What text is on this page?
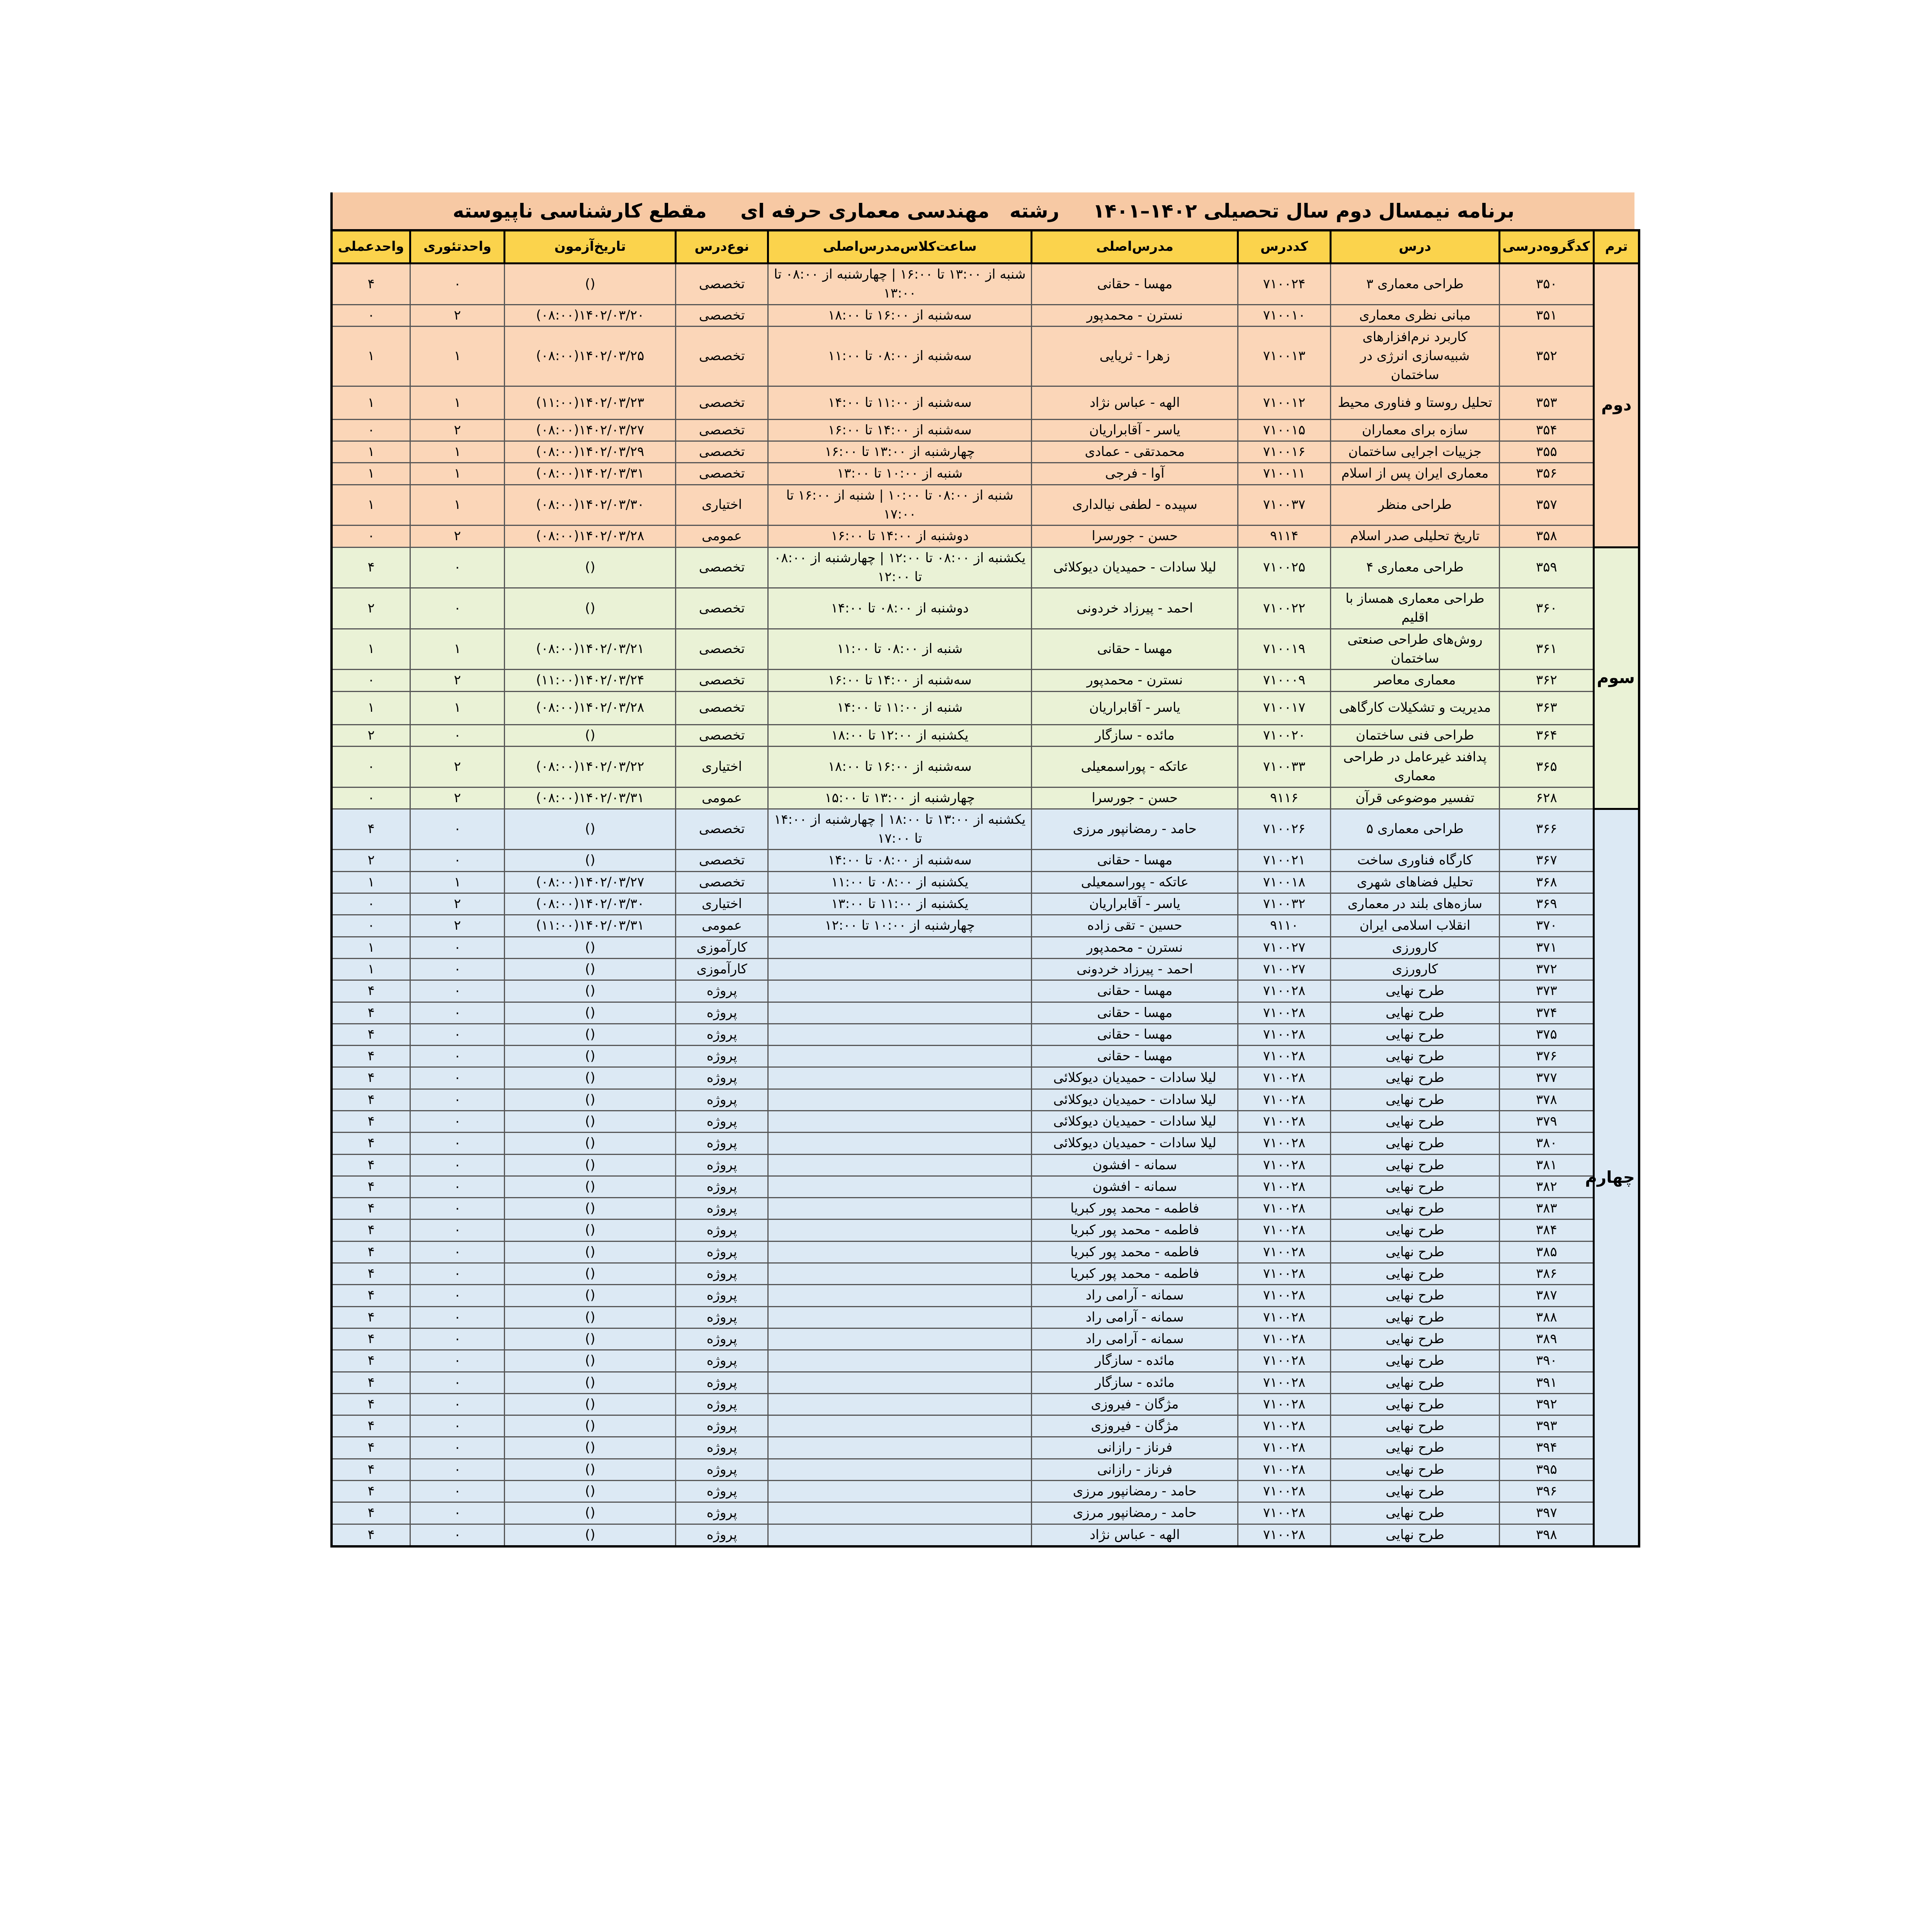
برنامه نیمسال دوم سال تحصیلی ۱۴۰۲–۱۴۰۱

رشته   مهندسی معماری حرفه ای

مقطع کارشناسی ناپیوسته
ترم	کدگروه‌درسی	درس	کددرس	مدرس‌اصلی	ساعت‌کلاس‌مدرس‌اصلی	نوع‌درس	تاریخ‌آزمون	واحدتئوری	واحدعملی
دوم	۳۵۰	طراحی معماری ۳	۷۱۰۰۲۴	مهسا - حقانی	شنبه از ۱۳:۰۰ تا ۱۶:۰۰ | چهارشنبه از ۰۸:۰۰ تا ۱۳:۰۰	تخصصی	()	۰	۴
	۳۵۱	مبانی نظری معماری	۷۱۰۰۱۰	نسترن - محمدپور	سه‌شنبه از ۱۶:۰۰ تا ۱۸:۰۰	تخصصی	۱۴۰۲/۰۳/۲۰(۰۸:۰۰)	۲	۰
	۳۵۲	کاربرد نرم‌افزارهای شبیه‌سازی انرژی در ساختمان	۷۱۰۰۱۳	زهرا - ثریایی	سه‌شنبه از ۰۸:۰۰ تا ۱۱:۰۰	تخصصی	۱۴۰۲/۰۳/۲۵(۰۸:۰۰)	۱	۱
	۳۵۳	تحلیل روستا و فناوری محیط	۷۱۰۰۱۲	الهه - عباس نژاد	سه‌شنبه از ۱۱:۰۰ تا ۱۴:۰۰	تخصصی	۱۴۰۲/۰۳/۲۳(۱۱:۰۰)	۱	۱
	۳۵۴	سازه برای معماران	۷۱۰۰۱۵	یاسر - آقابراریان	سه‌شنبه از ۱۴:۰۰ تا ۱۶:۰۰	تخصصی	۱۴۰۲/۰۳/۲۷(۰۸:۰۰)	۲	۰
	۳۵۵	جزییات اجرایی ساختمان	۷۱۰۰۱۶	محمدتقی - عمادی	چهارشنبه از ۱۳:۰۰ تا ۱۶:۰۰	تخصصی	۱۴۰۲/۰۳/۲۹(۰۸:۰۰)	۱	۱
	۳۵۶	معماری ایران پس از اسلام	۷۱۰۰۱۱	آوا - فرجی	شنبه از ۱۰:۰۰ تا ۱۳:۰۰	تخصصی	۱۴۰۲/۰۳/۳۱(۰۸:۰۰)	۱	۱
	۳۵۷	طراحی منظر	۷۱۰۰۳۷	سپیده - لطفی نیالداری	شنبه از ۰۸:۰۰ تا ۱۰:۰۰ | شنبه از ۱۶:۰۰ تا ۱۷:۰۰	اختیاری	۱۴۰۲/۰۳/۳۰(۰۸:۰۰)	۱	۱
	۳۵۸	تاریخ تحلیلی صدر اسلام	۹۱۱۴	حسن - جورسرا	دوشنبه از ۱۴:۰۰ تا ۱۶:۰۰	عمومی	۱۴۰۲/۰۳/۲۸(۰۸:۰۰)	۲	۰
سوم	۳۵۹	طراحی معماری ۴	۷۱۰۰۲۵	لیلا سادات - حمیدیان دیوکلائی	یکشنبه از ۰۸:۰۰ تا ۱۲:۰۰ | چهارشنبه از ۰۸:۰۰ تا ۱۲:۰۰	تخصصی	()	۰	۴
	۳۶۰	طراحی معماری همساز با اقلیم	۷۱۰۰۲۲	احمد - پیرزاد خردونی	دوشنبه از ۰۸:۰۰ تا ۱۴:۰۰	تخصصی	()	۰	۲
	۳۶۱	روش‌های طراحی صنعتی ساختمان	۷۱۰۰۱۹	مهسا - حقانی	شنبه از ۰۸:۰۰ تا ۱۱:۰۰	تخصصی	۱۴۰۲/۰۳/۲۱(۰۸:۰۰)	۱	۱
	۳۶۲	معماری معاصر	۷۱۰۰۰۹	نسترن - محمدپور	سه‌شنبه از ۱۴:۰۰ تا ۱۶:۰۰	تخصصی	۱۴۰۲/۰۳/۲۴(۱۱:۰۰)	۲	۰
	۳۶۳	مدیریت و تشکیلات کارگاهی	۷۱۰۰۱۷	یاسر - آقابراریان	شنبه از ۱۱:۰۰ تا ۱۴:۰۰	تخصصی	۱۴۰۲/۰۳/۲۸(۰۸:۰۰)	۱	۱
	۳۶۴	طراحی فنی ساختمان	۷۱۰۰۲۰	مائده - سازگار	یکشنبه از ۱۲:۰۰ تا ۱۸:۰۰	تخصصی	()	۰	۲
	۳۶۵	پدافند غیرعامل در طراحی معماری	۷۱۰۰۳۳	عاتکه - پوراسمعیلی	سه‌شنبه از ۱۶:۰۰ تا ۱۸:۰۰	اختیاری	۱۴۰۲/۰۳/۲۲(۰۸:۰۰)	۲	۰
	۶۲۸	تفسیر موضوعی قرآن	۹۱۱۶	حسن - جورسرا	چهارشنبه از ۱۳:۰۰ تا ۱۵:۰۰	عمومی	۱۴۰۲/۰۳/۳۱(۰۸:۰۰)	۲	۰
چهارم	۳۶۶	طراحی معماری ۵	۷۱۰۰۲۶	حامد - رمضانپور مرزی	یکشنبه از ۱۳:۰۰ تا ۱۸:۰۰ | چهارشنبه از ۱۴:۰۰ تا ۱۷:۰۰	تخصصی	()	۰	۴
	۳۶۷	کارگاه فناوری ساخت	۷۱۰۰۲۱	مهسا - حقانی	سه‌شنبه از ۰۸:۰۰ تا ۱۴:۰۰	تخصصی	()	۰	۲
	۳۶۸	تحلیل فضاهای شهری	۷۱۰۰۱۸	عاتکه - پوراسمعیلی	یکشنبه از ۰۸:۰۰ تا ۱۱:۰۰	تخصصی	۱۴۰۲/۰۳/۲۷(۰۸:۰۰)	۱	۱
	۳۶۹	سازه‌های بلند در معماری	۷۱۰۰۳۲	یاسر - آقابراریان	یکشنبه از ۱۱:۰۰ تا ۱۳:۰۰	اختیاری	۱۴۰۲/۰۳/۳۰(۰۸:۰۰)	۲	۰
	۳۷۰	انقلاب اسلامی ایران	۹۱۱۰	حسین - تقی زاده	چهارشنبه از ۱۰:۰۰ تا ۱۲:۰۰	عمومی	۱۴۰۲/۰۳/۳۱(۱۱:۰۰)	۲	۰
	۳۷۱	کارورزی	۷۱۰۰۲۷	نسترن - محمدپور		کارآموزی	()	۰	۱
	۳۷۲	کارورزی	۷۱۰۰۲۷	احمد - پیرزاد خردونی		کارآموزی	()	۰	۱
	۳۷۳	طرح نهایی	۷۱۰۰۲۸	مهسا - حقانی		پروژه	()	۰	۴
	۳۷۴	طرح نهایی	۷۱۰۰۲۸	مهسا - حقانی		پروژه	()	۰	۴
	۳۷۵	طرح نهایی	۷۱۰۰۲۸	مهسا - حقانی		پروژه	()	۰	۴
	۳۷۶	طرح نهایی	۷۱۰۰۲۸	مهسا - حقانی		پروژه	()	۰	۴
	۳۷۷	طرح نهایی	۷۱۰۰۲۸	لیلا سادات - حمیدیان دیوکلائی		پروژه	()	۰	۴
	۳۷۸	طرح نهایی	۷۱۰۰۲۸	لیلا سادات - حمیدیان دیوکلائی		پروژه	()	۰	۴
	۳۷۹	طرح نهایی	۷۱۰۰۲۸	لیلا سادات - حمیدیان دیوکلائی		پروژه	()	۰	۴
	۳۸۰	طرح نهایی	۷۱۰۰۲۸	لیلا سادات - حمیدیان دیوکلائی		پروژه	()	۰	۴
	۳۸۱	طرح نهایی	۷۱۰۰۲۸	سمانه - افشون		پروژه	()	۰	۴
	۳۸۲	طرح نهایی	۷۱۰۰۲۸	سمانه - افشون		پروژه	()	۰	۴
	۳۸۳	طرح نهایی	۷۱۰۰۲۸	فاطمه - محمد پور کبریا		پروژه	()	۰	۴
	۳۸۴	طرح نهایی	۷۱۰۰۲۸	فاطمه - محمد پور کبریا		پروژه	()	۰	۴
	۳۸۵	طرح نهایی	۷۱۰۰۲۸	فاطمه - محمد پور کبریا		پروژه	()	۰	۴
	۳۸۶	طرح نهایی	۷۱۰۰۲۸	فاطمه - محمد پور کبریا		پروژه	()	۰	۴
	۳۸۷	طرح نهایی	۷۱۰۰۲۸	سمانه - آرامی راد		پروژه	()	۰	۴
	۳۸۸	طرح نهایی	۷۱۰۰۲۸	سمانه - آرامی راد		پروژه	()	۰	۴
	۳۸۹	طرح نهایی	۷۱۰۰۲۸	سمانه - آرامی راد		پروژه	()	۰	۴
	۳۹۰	طرح نهایی	۷۱۰۰۲۸	مائده - سازگار		پروژه	()	۰	۴
	۳۹۱	طرح نهایی	۷۱۰۰۲۸	مائده - سازگار		پروژه	()	۰	۴
	۳۹۲	طرح نهایی	۷۱۰۰۲۸	مژگان - فیروزی		پروژه	()	۰	۴
	۳۹۳	طرح نهایی	۷۱۰۰۲۸	مژگان - فیروزی		پروژه	()	۰	۴
	۳۹۴	طرح نهایی	۷۱۰۰۲۸	فرناز - رازانی		پروژه	()	۰	۴
	۳۹۵	طرح نهایی	۷۱۰۰۲۸	فرناز - رازانی		پروژه	()	۰	۴
	۳۹۶	طرح نهایی	۷۱۰۰۲۸	حامد - رمضانپور مرزی		پروژه	()	۰	۴
	۳۹۷	طرح نهایی	۷۱۰۰۲۸	حامد - رمضانپور مرزی		پروژه	()	۰	۴
	۳۹۸	طرح نهایی	۷۱۰۰۲۸	الهه - عباس نژاد		پروژه	()	۰	۴
